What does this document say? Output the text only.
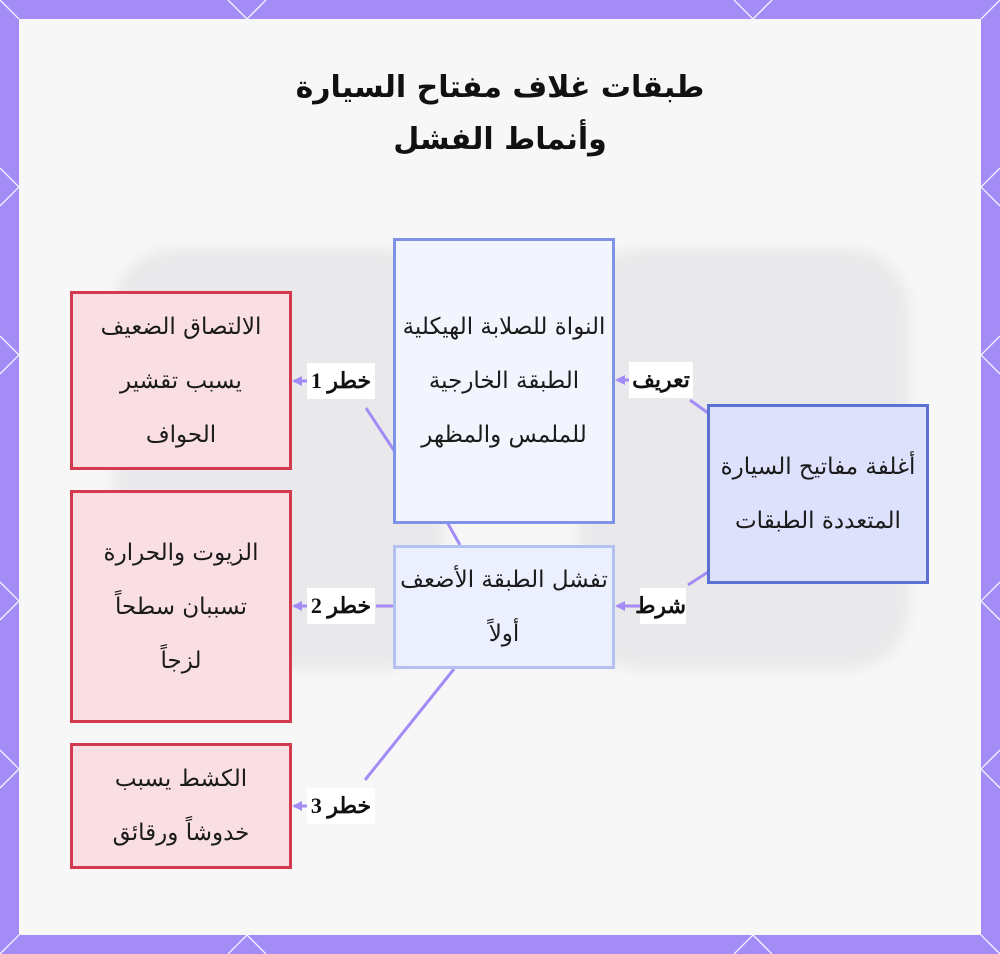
طبقات غلاف مفتاح السيارة
وأنماط الفشل
النواة للصلابة الهيكلية الطبقة الخارجية للملمس والمظهر
تفشل الطبقة الأضعف أولاً
أغلفة مفاتيح السيارة المتعددة الطبقات
الالتصاق الضعيف يسبب تقشير الحواف
الزيوت والحرارة تسببان سطحاً لزجاً
الكشط يسبب خدوشاً ورقائق
تعريف
شرط
خطر 1
خطر 2
خطر 3
